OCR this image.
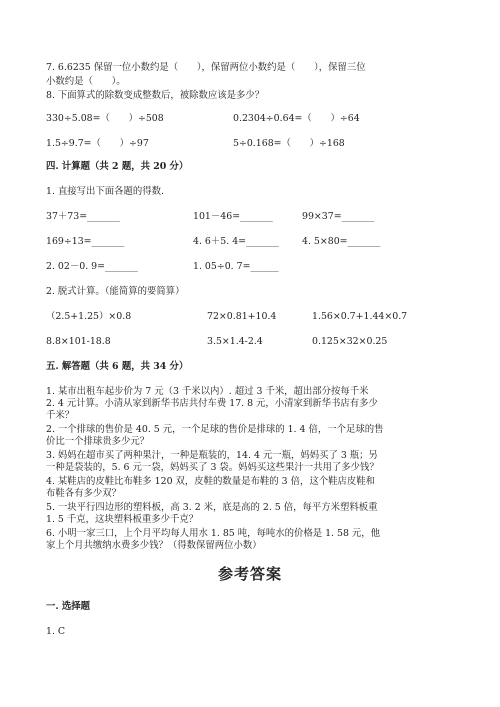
7. 6.6235 保留一位小数约是（　　），保留两位小数约是（　　），保留三位
小数约是（　　）。
8. 下面算式的除数变成整数后，被除数应该是多少？
330÷5.08=（　　）÷508	0.2304÷0.64=（　　）÷64
1.5÷9.7=（　　）÷97	5÷0.168=（　　）÷168
四. 计算题（共 2 题，共 20 分）
1. 直接写出下面各题的得数.
37＋73=_______	101－46=_______	99×37=_______
169÷13=_______	4. 6＋5. 4=_______ 4. 5×80=_______
2. 02－0. 9=_______	1. 05÷0. 7=______
2. 脱式计算。（能简算的要简算）
（2.5+1.25）×0.8	72×0.81+10.4	1.56×0.7+1.44×0.7
8.8×101-18.8	3.5×1.4-2.4	0.125×32×0.25
五. 解答题（共 6 题，共 34 分）
1. 某市出租车起步价为 7 元（3 千米以内）. 超过 3 千米，超出部分按每千米
2. 4 元计算。小清从家到新华书店共付车费 17. 8 元，小清家到新华书店有多少
千米？
2. 一个排球的售价是 40. 5 元，一个足球的售价是排球的 1. 4 倍，一个足球的售
价比一个排球贵多少元？
3. 妈妈在超市买了两种果汁，一种是瓶装的，14. 4 元一瓶，妈妈买了 3 瓶；另
一种是袋装的，5. 6 元一袋，妈妈买了 3 袋。妈妈买这些果汁一共用了多少钱？
4. 某鞋店的皮鞋比布鞋多 120 双，皮鞋的数量是布鞋的 3 倍，这个鞋店皮鞋和
布鞋各有多少双？
5. 一块平行四边形的塑料板，高 3. 2 米，底是高的 2. 5 倍，每平方米塑料板重
1. 5 千克，这块塑料板重多少千克？
6. 小明一家三口，上个月平均每人用水 1. 85 吨，每吨水的价格是 1. 58 元，他
家上个月共缴纳水费多少钱？（得数保留两位小数）
参考答案
一. 选择题
1. C
